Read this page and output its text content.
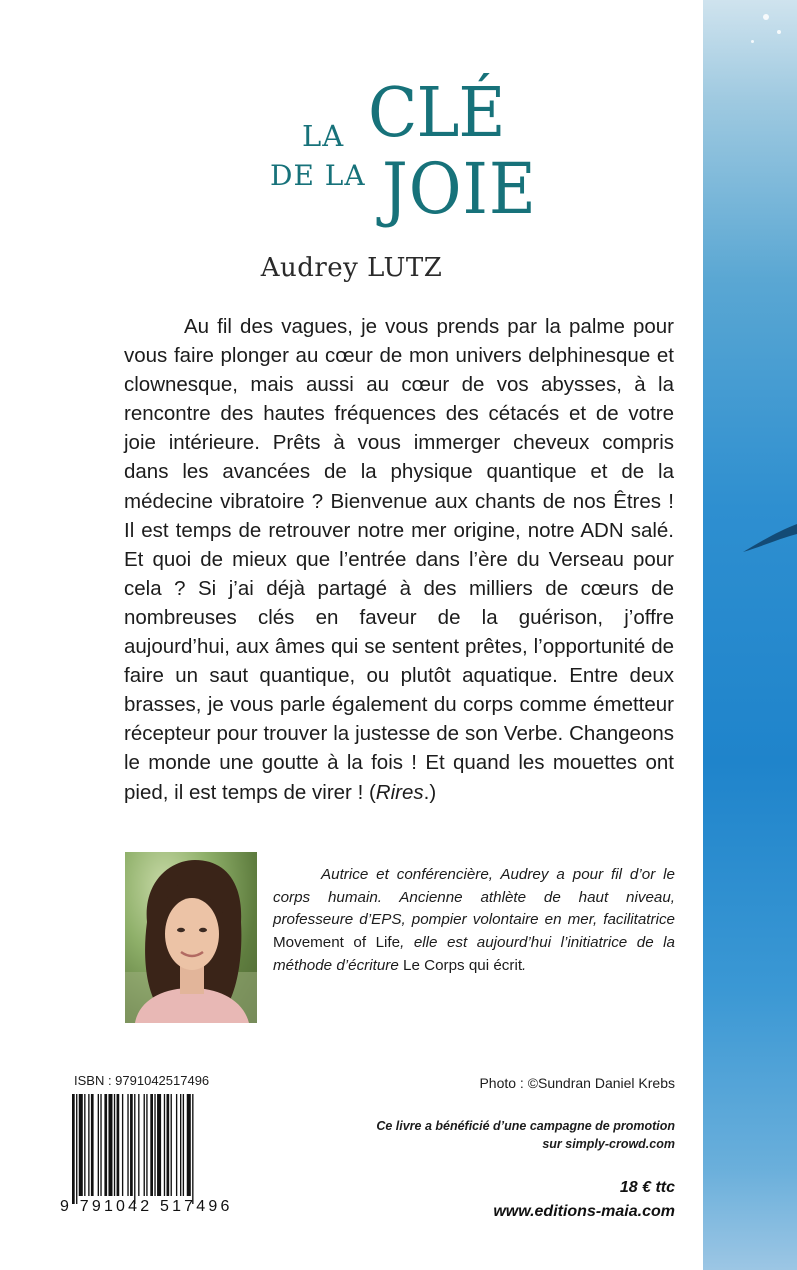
LA CLÉ
DE LA JOIE
Audrey LUTZ

Au fil des vagues, je vous prends par la palme pour vous faire plonger au cœur de mon univers delphinesque et clownesque, mais aussi au cœur de vos abysses, à la rencontre des hautes fréquences des cétacés et de votre joie intérieure. Prêts à vous immerger cheveux compris dans les avancées de la physique quantique et de la médecine vibratoire ? Bienvenue aux chants de nos Êtres ! Il est temps de retrouver notre mer origine, notre ADN salé. Et quoi de mieux que l’entrée dans l’ère du Verseau pour cela ? Si j’ai déjà partagé à des milliers de cœurs de nombreuses clés en faveur de la guérison, j’offre aujourd’hui, aux âmes qui se sentent prêtes, l’opportunité de faire un saut quantique, ou plutôt aquatique. Entre deux brasses, je vous parle également du corps comme émetteur récepteur pour trouver la justesse de son Verbe. Changeons le monde une goutte à la fois ! Et quand les mouettes ont pied, il est temps de virer ! (Rires.)

Autrice et conférencière, Audrey a pour fil d’or le corps humain. Ancienne athlète de haut niveau, professeure d’EPS, pompier volontaire en mer, facilitatrice Movement of Life, elle est aujourd’hui l’initiatrice de la méthode d’écriture Le Corps qui écrit.

ISBN : 9791042517496
9 791042 517496
Photo : ©Sundran Daniel Krebs
Ce livre a bénéficié d’une campagne de promotion
sur simply-crowd.com
18 € ttc
www.editions-maia.com
